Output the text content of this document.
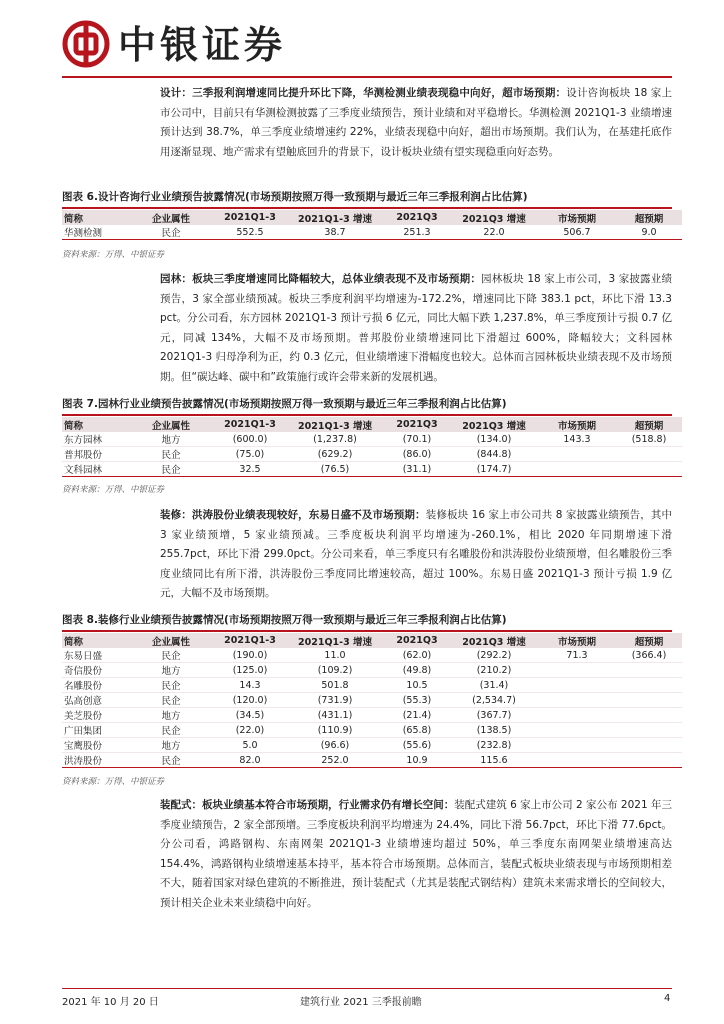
中银证券

设计：三季报利润增速同比提升环比下降，华测检测业绩表现稳中向好，超市场预期：设计咨询板块 18 家上市公司中，目前只有华测检测披露了三季度业绩预告，预计业绩和对平稳增长。华测检测 2021Q1-3 业绩增速预计达到 38.7%，单三季度业绩增速约 22%，业绩表现稳中向好，超出市场预期。我们认为，在基建托底作用逐渐显现、地产需求有望触底回升的背景下，设计板块业绩有望实现稳重向好态势。

图表 6.设计咨询行业业绩预告披露情况(市场预期按照万得一致预期与最近三年三季报利润占比估算)
简称	企业属性	2021Q1-3	2021Q1-3 增速	2021Q3	2021Q3 增速	市场预期	超预期
华测检测	民企	552.5	38.7	251.3	22.0	506.7	9.0
资料来源：万得、中银证券

园林：板块三季度增速同比降幅较大，总体业绩表现不及市场预期：园林板块 18 家上市公司，3 家披露业绩预告，3 家全部业绩预减。板块三季度利润平均增速为-172.2%，增速同比下降 383.1 pct，环比下滑 13.3 pct。分公司看，东方园林 2021Q1-3 预计亏损 6 亿元，同比大幅下跌 1,237.8%，单三季度预计亏损 0.7 亿元，同减 134%，大幅不及市场预期。普邦股份业绩增速同比下滑超过 600%，降幅较大；文科园林 2021Q1-3 归母净利为正，约 0.3 亿元，但业绩增速下滑幅度也较大。总体而言园林板块业绩表现不及市场预期。但“碳达峰、碳中和”政策施行或许会带来新的发展机遇。

图表 7.园林行业业绩预告披露情况(市场预期按照万得一致预期与最近三年三季报利润占比估算)
简称	企业属性	2021Q1-3	2021Q1-3 增速	2021Q3	2021Q3 增速	市场预期	超预期
东方园林	地方	(600.0)	(1,237.8)	(70.1)	(134.0)	143.3	(518.8)
普邦股份	民企	(75.0)	(629.2)	(86.0)	(844.8)		
文科园林	民企	32.5	(76.5)	(31.1)	(174.7)		
资料来源：万得、中银证券

装修：洪涛股份业绩表现较好，东易日盛不及市场预期：装修板块 16 家上市公司共 8 家披露业绩预告，其中 3 家业绩预增，5 家业绩预减。三季度板块利润平均增速为-260.1%，相比 2020 年同期增速下滑 255.7pct，环比下滑 299.0pct。分公司来看，单三季度只有名雕股份和洪涛股份业绩预增，但名雕股份三季度业绩同比有所下滑，洪涛股份三季度同比增速较高，超过 100%。东易日盛 2021Q1-3 预计亏损 1.9 亿元，大幅不及市场预期。

图表 8.装修行业业绩预告披露情况(市场预期按照万得一致预期与最近三年三季报利润占比估算)
简称	企业属性	2021Q1-3	2021Q1-3 增速	2021Q3	2021Q3 增速	市场预期	超预期
东易日盛	民企	(190.0)	11.0	(62.0)	(292.2)	71.3	(366.4)
奇信股份	地方	(125.0)	(109.2)	(49.8)	(210.2)		
名雕股份	民企	14.3	501.8	10.5	(31.4)		
弘高创意	民企	(120.0)	(731.9)	(55.3)	(2,534.7)		
美芝股份	地方	(34.5)	(431.1)	(21.4)	(367.7)		
广田集团	民企	(22.0)	(110.9)	(65.8)	(138.5)		
宝鹰股份	地方	5.0	(96.6)	(55.6)	(232.8)		
洪涛股份	民企	82.0	252.0	10.9	115.6		
资料来源：万得、中银证券

装配式：板块业绩基本符合市场预期，行业需求仍有增长空间：装配式建筑 6 家上市公司 2 家公布 2021 年三季度业绩预告，2 家全部预增。三季度板块利润平均增速为 24.4%，同比下滑 56.7pct，环比下滑 77.6pct。分公司看，鸿路钢构、东南网架 2021Q1-3 业绩增速均超过 50%，单三季度东南网架业绩增速高达 154.4%，鸿路钢构业绩增速基本持平，基本符合市场预期。总体而言，装配式板块业绩表现与市场预期相差不大，随着国家对绿色建筑的不断推进，预计装配式（尤其是装配式钢结构）建筑未来需求增长的空间较大，预计相关企业未来业绩稳中向好。

2021 年 10 月 20 日	建筑行业 2021 三季报前瞻	4
